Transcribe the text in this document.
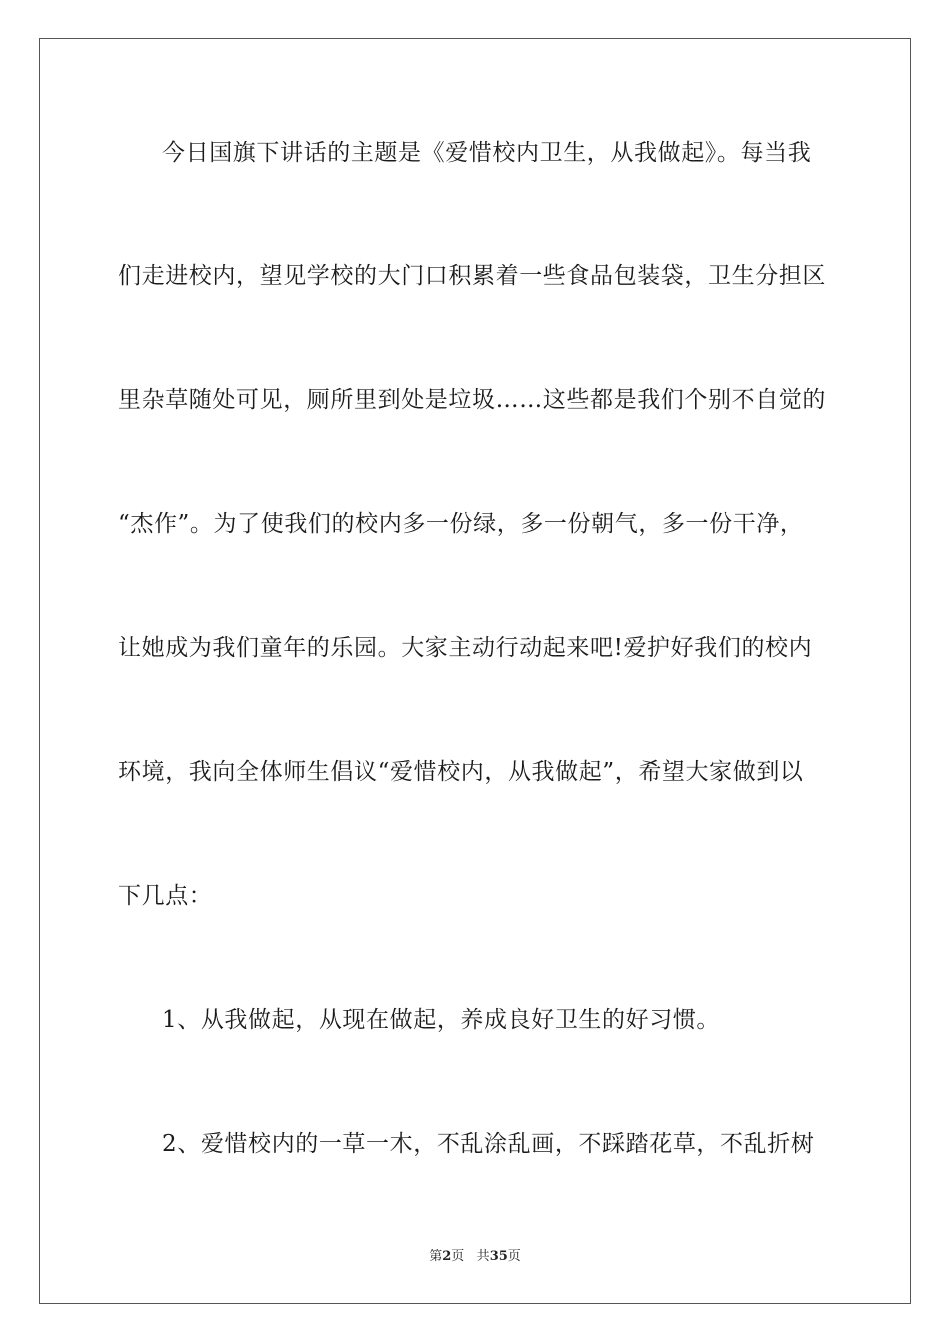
今日国旗下讲话的主题是《爱惜校内卫生，从我做起》。每当我
们走进校内，望见学校的大门口积累着一些食品包装袋，卫生分担区
里杂草随处可见，厕所里到处是垃圾……这些都是我们个别不自觉的
“杰作”。为了使我们的校内多一份绿，多一份朝气，多一份干净，
让她成为我们童年的乐园。大家主动行动起来吧!爱护好我们的校内
环境，我向全体师生倡议“爱惜校内，从我做起”，希望大家做到以
下几点：
1、从我做起，从现在做起，养成良好卫生的好习惯。
2、爱惜校内的一草一木，不乱涂乱画，不踩踏花草，不乱折树
第2页 共35页
